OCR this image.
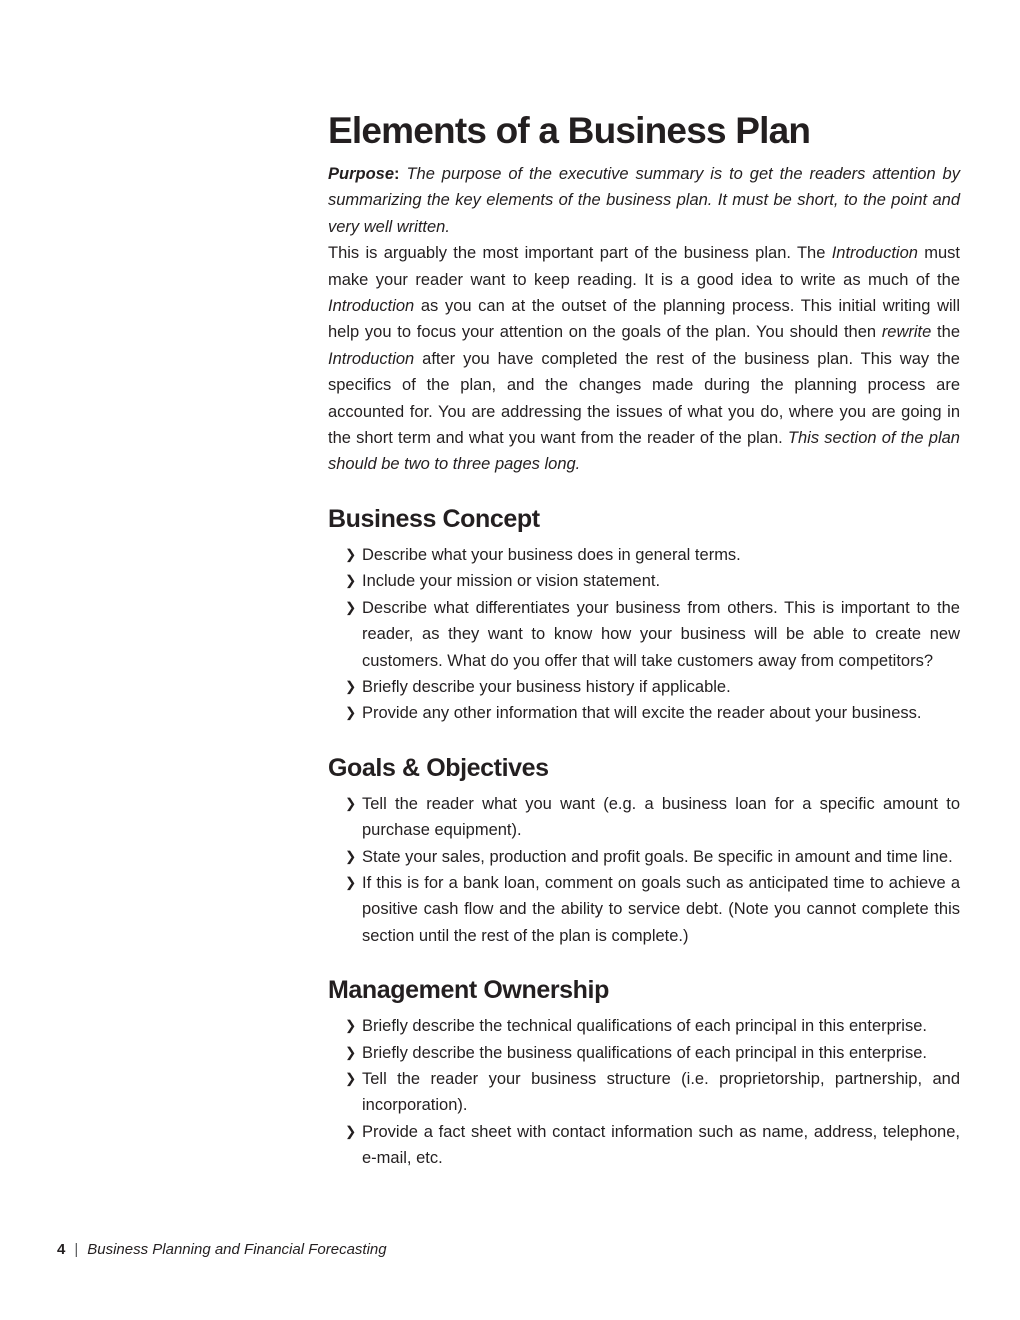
Elements of a Business Plan

Purpose: The purpose of the executive summary is to get the readers attention by summarizing the key elements of the business plan. It must be short, to the point and very well written.

This is arguably the most important part of the business plan. The Introduction must make your reader want to keep reading. It is a good idea to write as much of the Introduction as you can at the outset of the planning process. This initial writing will help you to focus your attention on the goals of the plan. You should then rewrite the Introduction after you have completed the rest of the business plan. This way the specifics of the plan, and the changes made during the planning process are accounted for. You are addressing the issues of what you do, where you are going in the short term and what you want from the reader of the plan. This section of the plan should be two to three pages long.

Business Concept
❯ Describe what your business does in general terms.
❯ Include your mission or vision statement.
❯ Describe what differentiates your business from others. This is important to the reader, as they want to know how your business will be able to create new customers. What do you offer that will take customers away from competitors?
❯ Briefly describe your business history if applicable.
❯ Provide any other information that will excite the reader about your business.
Goals & Objectives
❯ Tell the reader what you want (e.g. a business loan for a specific amount to purchase equipment).
❯ State your sales, production and profit goals. Be specific in amount and time line.
❯ If this is for a bank loan, comment on goals such as anticipated time to achieve a positive cash flow and the ability to service debt. (Note you cannot complete this section until the rest of the plan is complete.)
Management Ownership
❯ Briefly describe the technical qualifications of each principal in this enterprise.
❯ Briefly describe the business qualifications of each principal in this enterprise.
❯ Tell the reader your business structure (i.e. proprietorship, partnership, and incorporation).
❯ Provide a fact sheet with contact information such as name, address, telephone, e-mail, etc.
4 | Business Planning and Financial Forecasting
